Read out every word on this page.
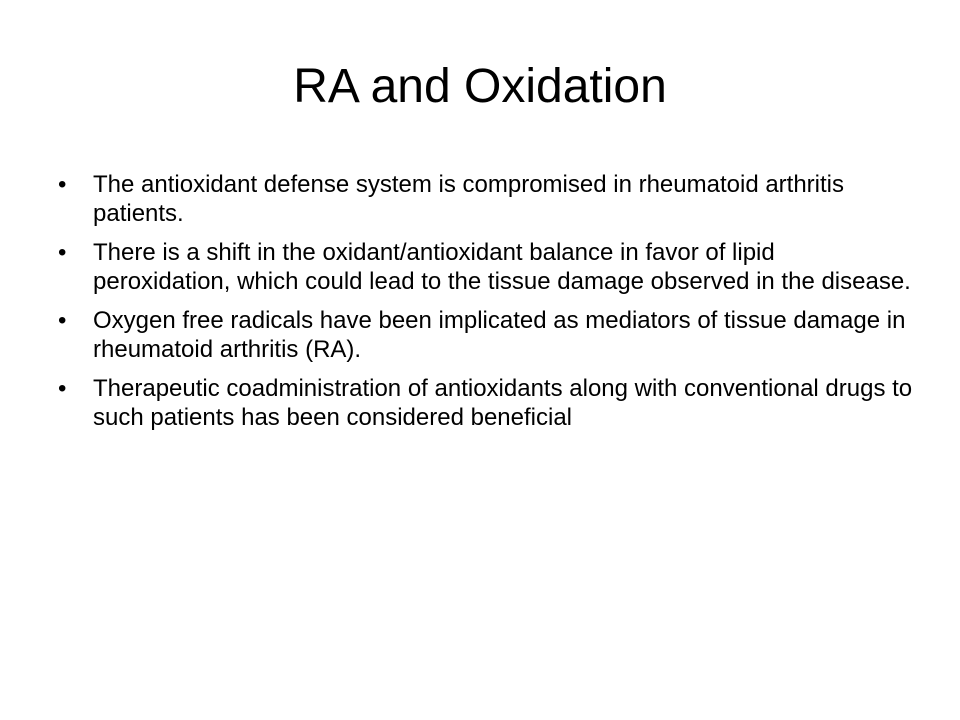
RA and Oxidation
•	The antioxidant defense system is compromised in rheumatoid arthritis patients.
•	There is a shift in the oxidant/antioxidant balance in favor of lipid peroxidation, which could lead to the tissue damage observed in the disease.
•	Oxygen free radicals have been implicated as mediators of tissue damage in rheumatoid arthritis (RA).
•	Therapeutic coadministration of antioxidants along with conventional drugs to such patients has been considered beneficial
